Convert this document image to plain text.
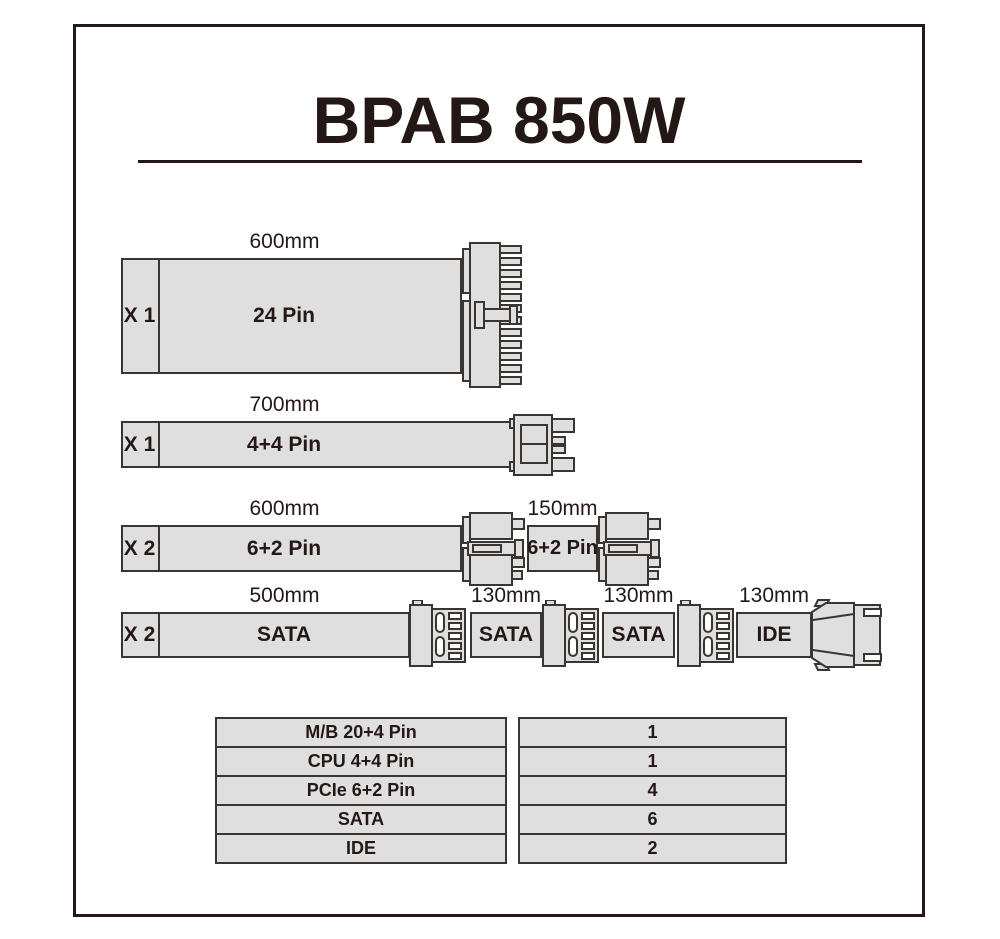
BPAB 850W
X 1
600mm
24 Pin
X 1
700mm
4+4 Pin
X 2
600mm
6+2 Pin
150mm
6+2 Pin
X 2
500mm
SATA
130mm
SATA
130mm
SATA
130mm
IDE
M/B 20+4 Pin
CPU 4+4 Pin
PCIe 6+2 Pin
SATA
IDE
1
1
4
6
2
